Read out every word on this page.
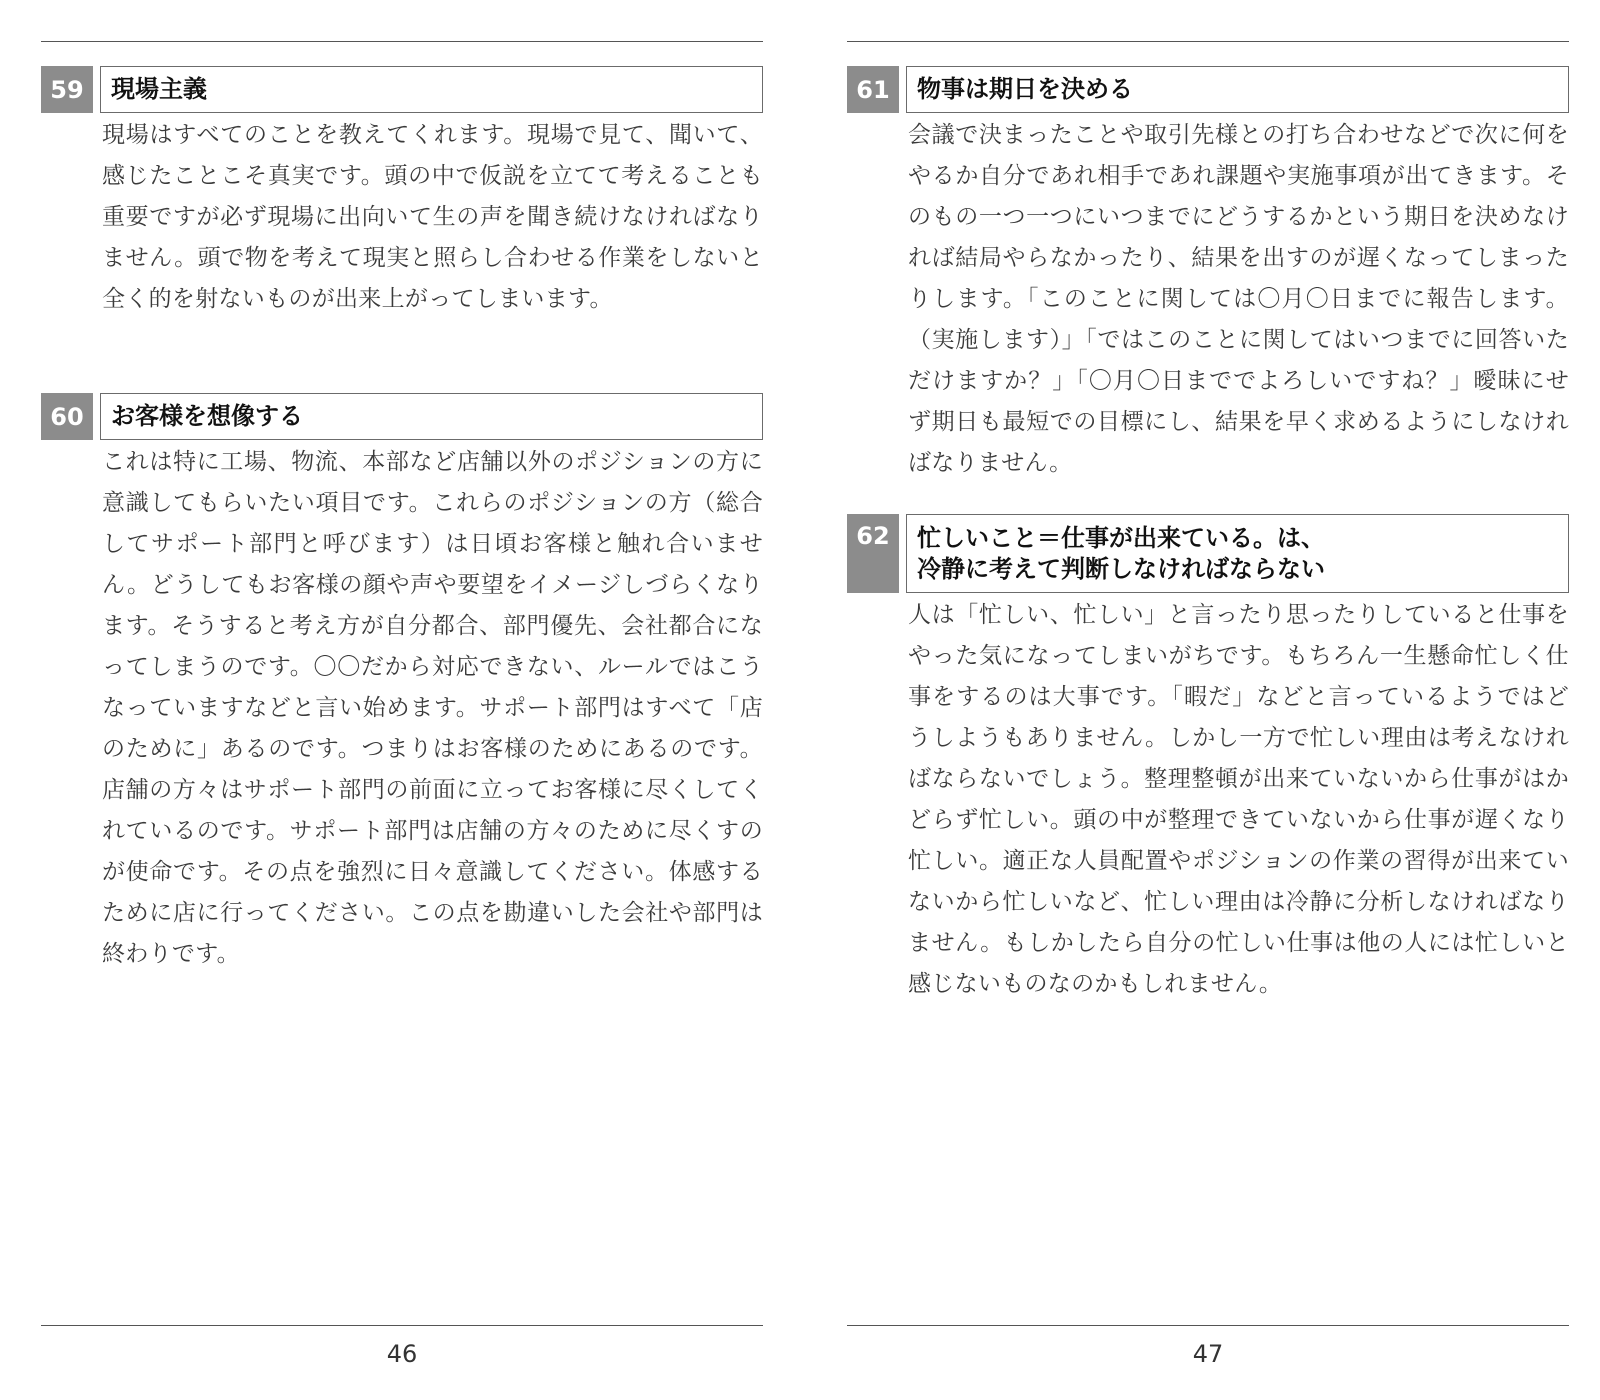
59	現場主義
現場はすべてのことを教えてくれます。現場で見て、聞いて、感じたことこそ真実です。頭の中で仮説を立てて考えることも重要ですが必ず現場に出向いて生の声を聞き続けなければなりません。頭で物を考えて現実と照らし合わせる作業をしないと全く的を射ないものが出来上がってしまいます。
60	お客様を想像する
これは特に工場、物流、本部など店舗以外のポジションの方に意識してもらいたい項目です。これらのポジションの方（総合してサポート部門と呼びます）は日頃お客様と触れ合いません。どうしてもお客様の顔や声や要望をイメージしづらくなります。そうすると考え方が自分都合、部門優先、会社都合になってしまうのです。〇〇だから対応できない、ルールではこうなっていますなどと言い始めます。サポート部門はすべて「店のために」あるのです。つまりはお客様のためにあるのです。店舗の方々はサポート部門の前面に立ってお客様に尽くしてくれているのです。サポート部門は店舗の方々のために尽くすのが使命です。その点を強烈に日々意識してください。体感するために店に行ってください。この点を勘違いした会社や部門は終わりです。
46
61	物事は期日を決める
会議で決まったことや取引先様との打ち合わせなどで次に何をやるか自分であれ相手であれ課題や実施事項が出てきます。そのもの一つ一つにいつまでにどうするかという期日を決めなければ結局やらなかったり、結果を出すのが遅くなってしまったりします。「このことに関しては〇月〇日までに報告します。（実施します）」「ではこのことに関してはいつまでに回答いただけますか？」「〇月〇日まででよろしいですね？」曖昧にせず期日も最短での目標にし、結果を早く求めるようにしなければなりません。
62	忙しいこと＝仕事が出来ている。は、
冷静に考えて判断しなければならない
人は「忙しい、忙しい」と言ったり思ったりしていると仕事をやった気になってしまいがちです。もちろん一生懸命忙しく仕事をするのは大事です。「暇だ」などと言っているようではどうしようもありません。しかし一方で忙しい理由は考えなければならないでしょう。整理整頓が出来ていないから仕事がはかどらず忙しい。頭の中が整理できていないから仕事が遅くなり忙しい。適正な人員配置やポジションの作業の習得が出来ていないから忙しいなど、忙しい理由は冷静に分析しなければなりません。もしかしたら自分の忙しい仕事は他の人には忙しいと感じないものなのかもしれません。
47
